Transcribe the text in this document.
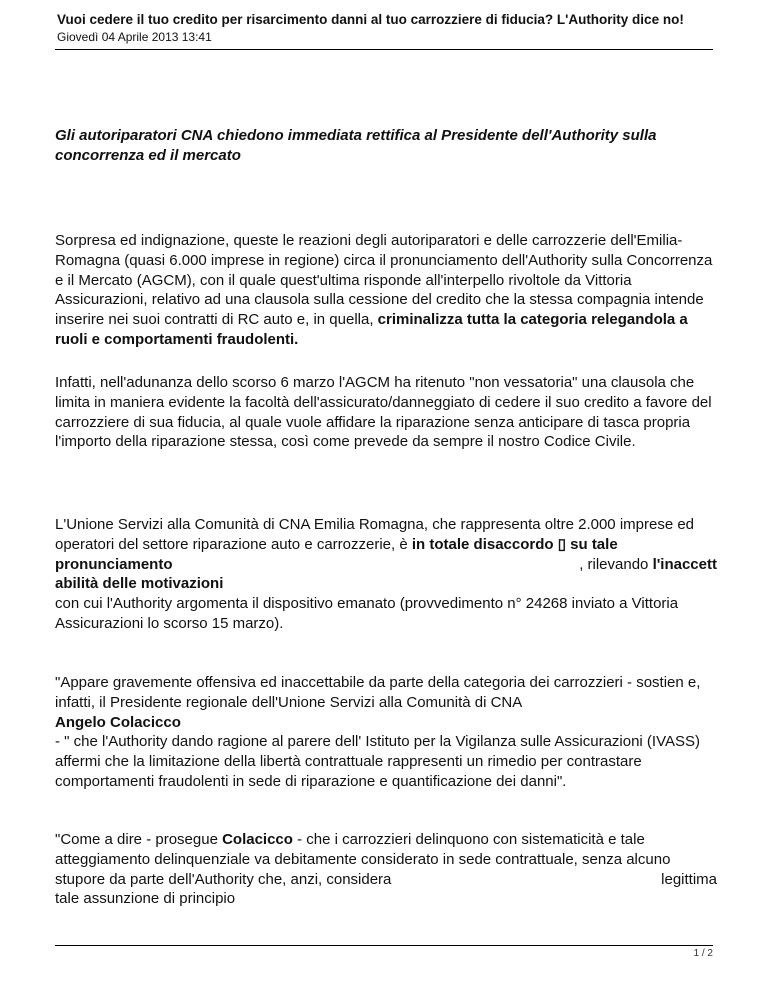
Vuoi cedere il tuo credito per risarcimento danni al tuo carrozziere di fiducia? L'Authority dice no!
Giovedì 04 Aprile 2013 13:41
Gli autoriparatori CNA chiedono immediata rettifica al Presidente dell'Authority sulla concorrenza ed il mercato
Sorpresa ed indignazione, queste le reazioni degli autoriparatori e delle carrozzerie dell'Emilia-Romagna (quasi 6.000 imprese in regione) circa il pronunciamento dell'Authority sulla Concorrenza e il Mercato (AGCM), con il quale quest'ultima risponde all'interpello rivoltole da Vittoria Assicurazioni, relativo ad una clausola sulla cessione del credito che la stessa compagnia intende inserire nei suoi contratti di RC auto e, in quella, criminalizza tutta la categoria relegandola a ruoli e comportamenti fraudolenti.
Infatti, nell'adunanza dello scorso 6 marzo l'AGCM ha ritenuto "non vessatoria" una clausola che limita in maniera evidente la facoltà dell'assicurato/danneggiato di cedere il suo credito a favore del carrozziere di sua fiducia, al quale vuole affidare la riparazione senza anticipare di tasca propria l'importo della riparazione stessa, così come prevede da sempre il nostro Codice Civile.
L'Unione Servizi alla Comunità di CNA Emilia Romagna, che rappresenta oltre 2.000 imprese ed operatori del settore riparazione auto e carrozzerie, è in totale disaccordo ▯ su tale
pronunciamento	, rilevando l'inaccett
abilità delle motivazioni
con cui l'Authority argomenta il dispositivo emanato (provvedimento n° 24268 inviato a Vittoria Assicurazioni lo scorso 15 marzo).
"Appare gravemente offensiva ed inaccettabile da parte della categoria dei carrozzieri - sostien e, infatti, il Presidente regionale dell'Unione Servizi alla Comunità di CNA
Angelo Colacicco
- " che l'Authority dando ragione al parere dell' Istituto per la Vigilanza sulle Assicurazioni (IVASS) affermi che la limitazione della libertà contrattuale rappresenti un rimedio per contrastare comportamenti fraudolenti in sede di riparazione e quantificazione dei danni".
"Come a dire - prosegue Colacicco - che i carrozzieri delinquono con sistematicità e tale atteggiamento delinquenziale va debitamente considerato in sede contrattuale, senza alcuno
stupore da parte dell'Authority che, anzi, considera	legittima
tale assunzione di principio
1 / 2
